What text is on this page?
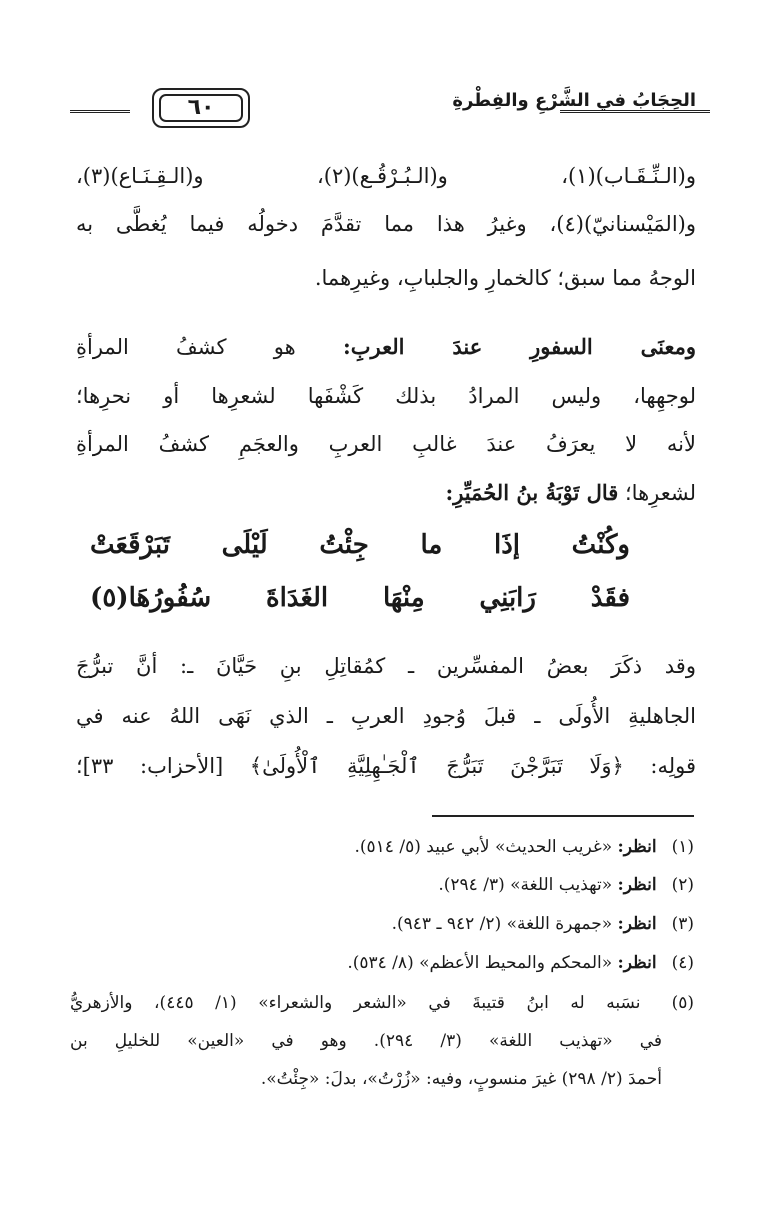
٦٠	الحِجَابُ في الشَّرْعِ والفِطْرةِ
و(الـنِّـقَـاب)(١)، و(الـبُـرْقُـع)(٢)، و(الـقِـنَـاع)(٣)،
و(المَيْسنانيّ)(٤)، وغيرُ هذا مما تقدَّمَ دخولُه فيما يُغطَّى به
الوجهُ مما سبق؛ كالخمارِ والجلبابِ، وغيرِهما.
ومعنَى السفورِ عندَ العربِ: هو كشفُ المرأةِ
لوجهِها، وليس المرادُ بذلك كَشْفَها لشعرِها أو نحرِها؛
لأنه لا يعرَفُ عندَ غالبِ العربِ والعجَمِ كشفُ المرأةِ
لشعرِها؛ قال تَوْبَةُ بنُ الحُمَيِّرِ:
وكُنْتُ إذَا ما جِئْتُ لَيْلَى تَبَرْقَعَتْ
فقَدْ رَابَنِي مِنْهَا الغَدَاةَ سُفُورُهَا(٥)
وقد ذكَرَ بعضُ المفسِّرين ـ كمُقاتِلِ بنِ حَيَّانَ ـ: أنَّ تبرُّجَ
الجاهليةِ الأُولَى ـ قبلَ وُجودِ العربِ ـ الذي نَهَى اللهُ عنه في
قولِه: ﴿وَلَا تَبَرَّجْنَ تَبَرُّجَ ٱلْجَـٰهِلِيَّةِ ٱلْأُولَىٰ﴾ [الأحزاب: ٣٣]؛
(١) انظر: «غريب الحديث» لأبي عبيد (٥/ ٥١٤).
(٢) انظر: «تهذيب اللغة» (٣/ ٢٩٤).
(٣) انظر: «جمهرة اللغة» (٢/ ٩٤٢ ـ ٩٤٣).
(٤) انظر: «المحكم والمحيط الأعظم» (٨/ ٥٣٤).
(٥) نسَبه له ابنُ قتيبةَ في «الشعر والشعراء» (١/ ٤٤٥)، والأزهريُّ
في «تهذيب اللغة» (٣/ ٢٩٤). وهو في «العين» للخليلِ بن
أحمدَ (٢/ ٢٩٨) غيرَ منسوبٍ، وفيه: «زُرْتُ»، بدلَ: «جِئْتُ».
